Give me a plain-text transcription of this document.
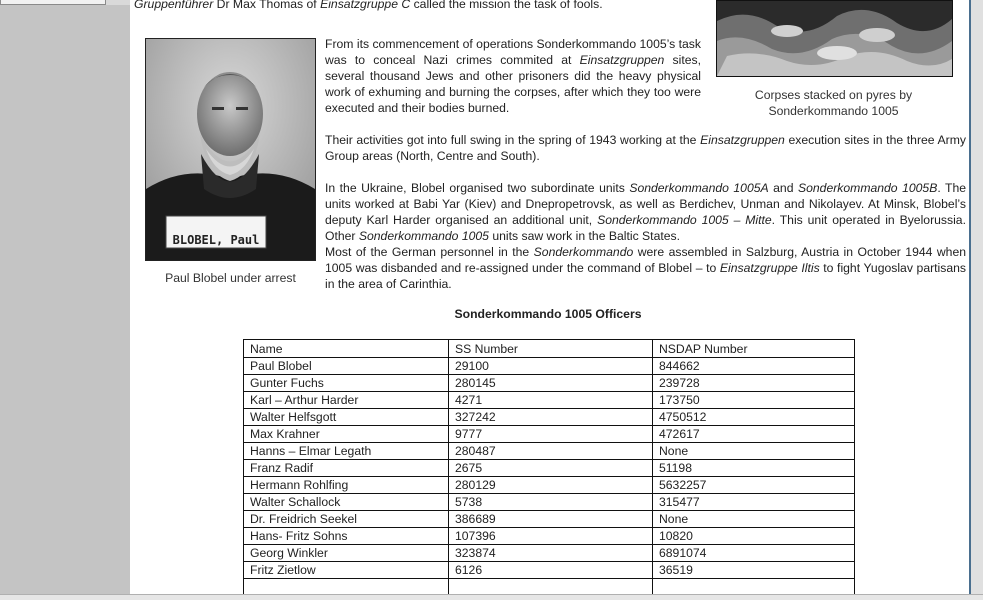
Gruppenführer Dr Max Thomas of Einsatzgruppe C called the mission the task of fools.
BLOBEL, Paul
Paul Blobel under arrest
Corpses stacked on pyres by
Sonderkommando 1005
From its commencement of operations Sonderkommando 1005’s task was to conceal Nazi crimes commited at Einsatzgruppen sites, several thousand Jews and other prisoners did the heavy physical work of exhuming and burning the corpses, after which they too were executed and their bodies burned.
Their activities got into full swing in the spring of 1943 working at the Einsatzgruppen execution sites in the three Army Group areas (North, Centre and South).
In the Ukraine, Blobel organised two subordinate units Sonderkommando 1005A and Sonderkommando 1005B. The units worked at Babi Yar (Kiev) and Dnepropetrovsk, as well as Berdichev, Unman and Nikolayev. At Minsk, Blobel’s deputy Karl Harder organised an additional unit, Sonderkommando 1005 – Mitte. This unit operated in Byelorussia. Other Sonderkommando 1005 units saw work in the Baltic States.
Most of the German personnel in the Sonderkommando were assembled in Salzburg, Austria in October 1944 when 1005 was disbanded and re-assigned under the command of Blobel – to Einsatzgruppe Iltis to fight Yugoslav partisans in the area of Carinthia.
Sonderkommando 1005 Officers
Name	SS Number	NSDAP Number
Paul Blobel	29100	844662
Gunter Fuchs	280145	239728
Karl – Arthur Harder	4271	173750
Walter Helfsgott	327242	4750512
Max Krahner	9777	472617
Hanns – Elmar Legath	280487	None
Franz Radif	2675	51198
Hermann Rohlfing	280129	5632257
Walter Schallock	5738	315477
Dr. Freidrich Seekel	386689	None
Hans- Fritz Sohns	107396	10820
Georg Winkler	323874	6891074
Fritz Zietlow	6126	36519
